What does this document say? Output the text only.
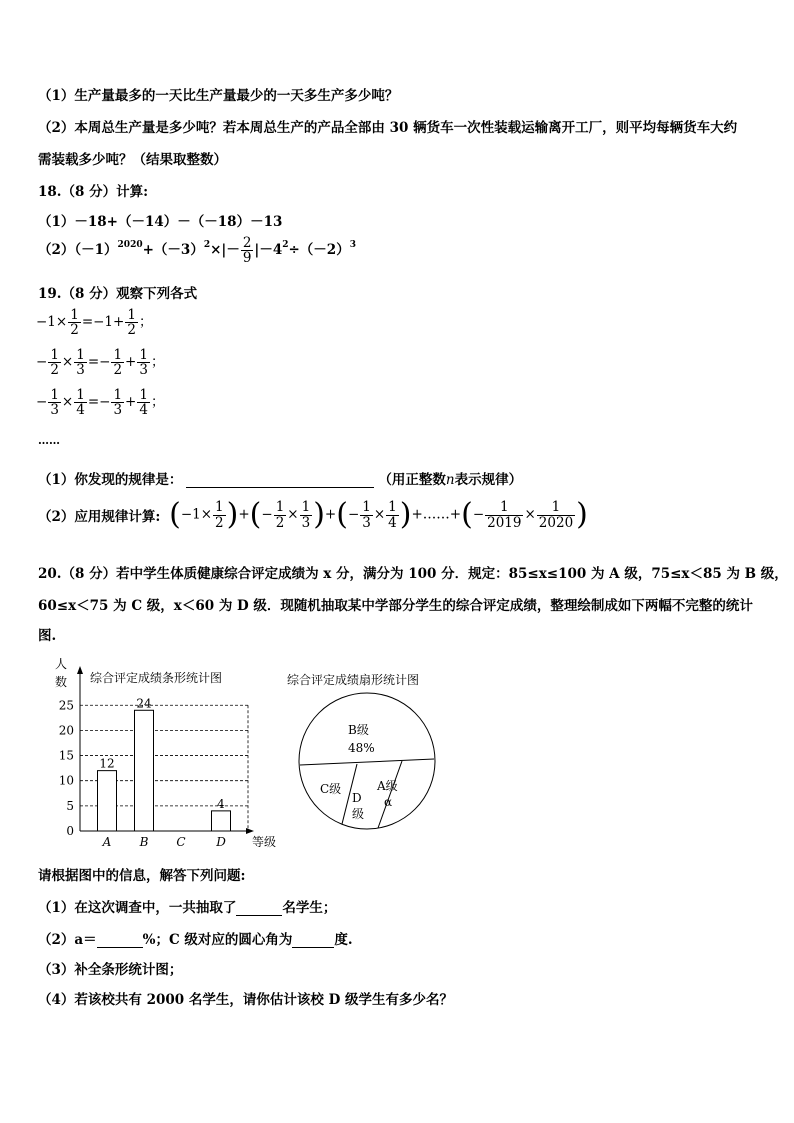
（1）生产量最多的一天比生产量最少的一天多生产多少吨？
（2）本周总生产量是多少吨？若本周总生产的产品全部由 30 辆货车一次性装载运输离开工厂，则平均每辆货车大约
需装载多少吨？（结果取整数）
18.（8 分）计算:
（1）－18+（－14）－（－18）－13
$(2)(-1)^{2020}+(-3)^2\times|- \frac{2}{9} |-4^2\div(-2)^3$
19.（8 分）观察下列各式
$-1\times \frac{1}{2} =-1+ \frac{1}{2}$ ；
− $\frac{1}{2} \times \frac{1}{3} =- \frac{1}{2} + \frac{1}{3}$ ；
− $\frac{1}{3} \times \frac{1}{4} =- \frac{1}{3} + \frac{1}{4}$ ；
……
（1）你发现的规律是：	（用正整数n表示规律）
（2）应用规律计算: ($-1\times \frac{1}{2}$ )+(− $\frac{1}{2} \times \frac{1}{3}$ )+(− $\frac{1}{3} \times \frac{1}{4}$ )+……+(− $\frac{1}{2019} \times \frac{1}{2020}$ )
20.（8 分）若中学生体质健康综合评定成绩为 x 分，满分为 100 分．规定：85≤x≤100 为 A 级，75≤x＜85 为 B 级，
60≤x＜75 为 C 级，x＜60 为 D 级．现随机抽取某中学部分学生的综合评定成绩，整理绘制成如下两幅不完整的统计
图.
人
数 综合评定成绩条形统计图
0
5
10
15
20
25
A B C	D
12
24
4
等级
综合评定成绩扇形统计图
B级
48%
C级
D
级
A级
α
请根据图中的信息，解答下列问题:
（1）在这次调查中，一共抽取了	名学生；
（2）a＝	%；C 级对应的圆心角为	度.
（3）补全条形统计图；
（4）若该校共有 2000 名学生，请你估计该校 D 级学生有多少名？
